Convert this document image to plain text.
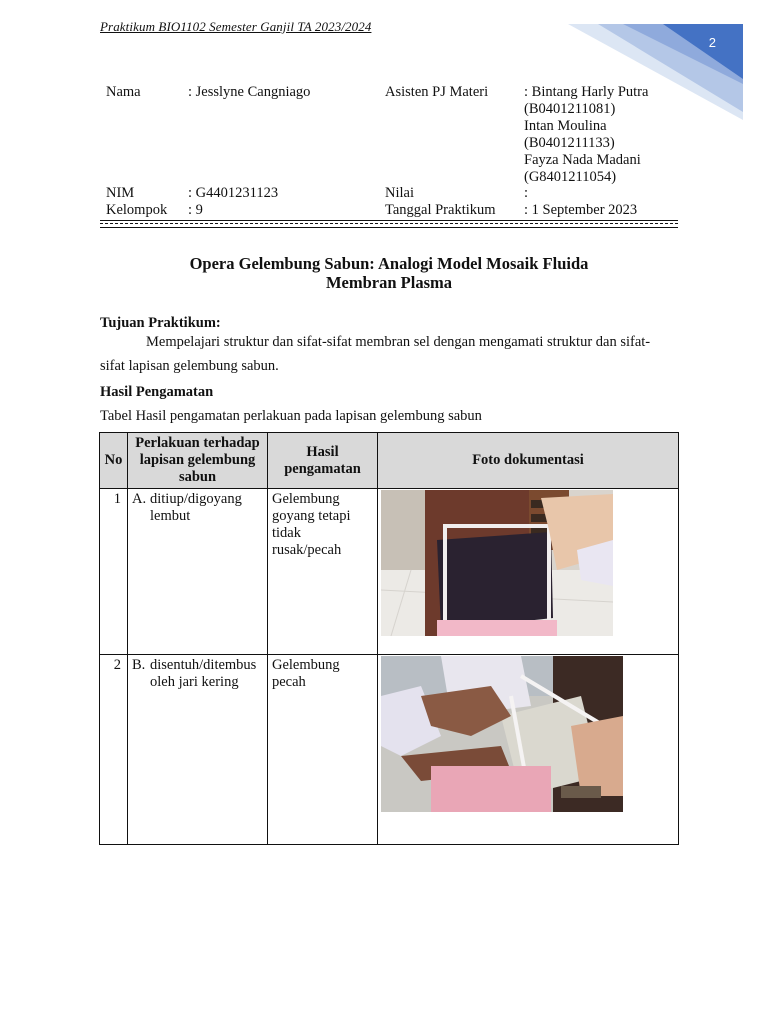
Praktikum BIO1102 Semester Ganjil TA 2023/2024
2
Nama	: Jesslyne Cangniago	Asisten PJ Materi : Bintang Harly Putra
(B0401211081)
Intan Moulina
(B0401211133)
Fayza Nada Madani
(G8401211054)
NIM	: G4401231123	Nilai	:
Kelompok : 9	Tanggal Praktikum : 1 September 2023
Opera Gelembung Sabun: Analogi Model Mosaik Fluida
Membran Plasma
Tujuan Praktikum:
Mempelajari struktur dan sifat-sifat membran sel dengan mengamati struktur dan sifat-sifat lapisan gelembung sabun.
Hasil Pengamatan
Tabel Hasil pengamatan perlakuan pada lapisan gelembung sabun
No	Perlakuan terhadap lapisan gelembung sabun	Hasil pengamatan	Foto dokumentasi
1	A. ditiup/digoyang lembut	Gelembung goyang tetapi tidak rusak/pecah	

2	B. disentuh/ditembus oleh jari kering	Gelembung pecah	
